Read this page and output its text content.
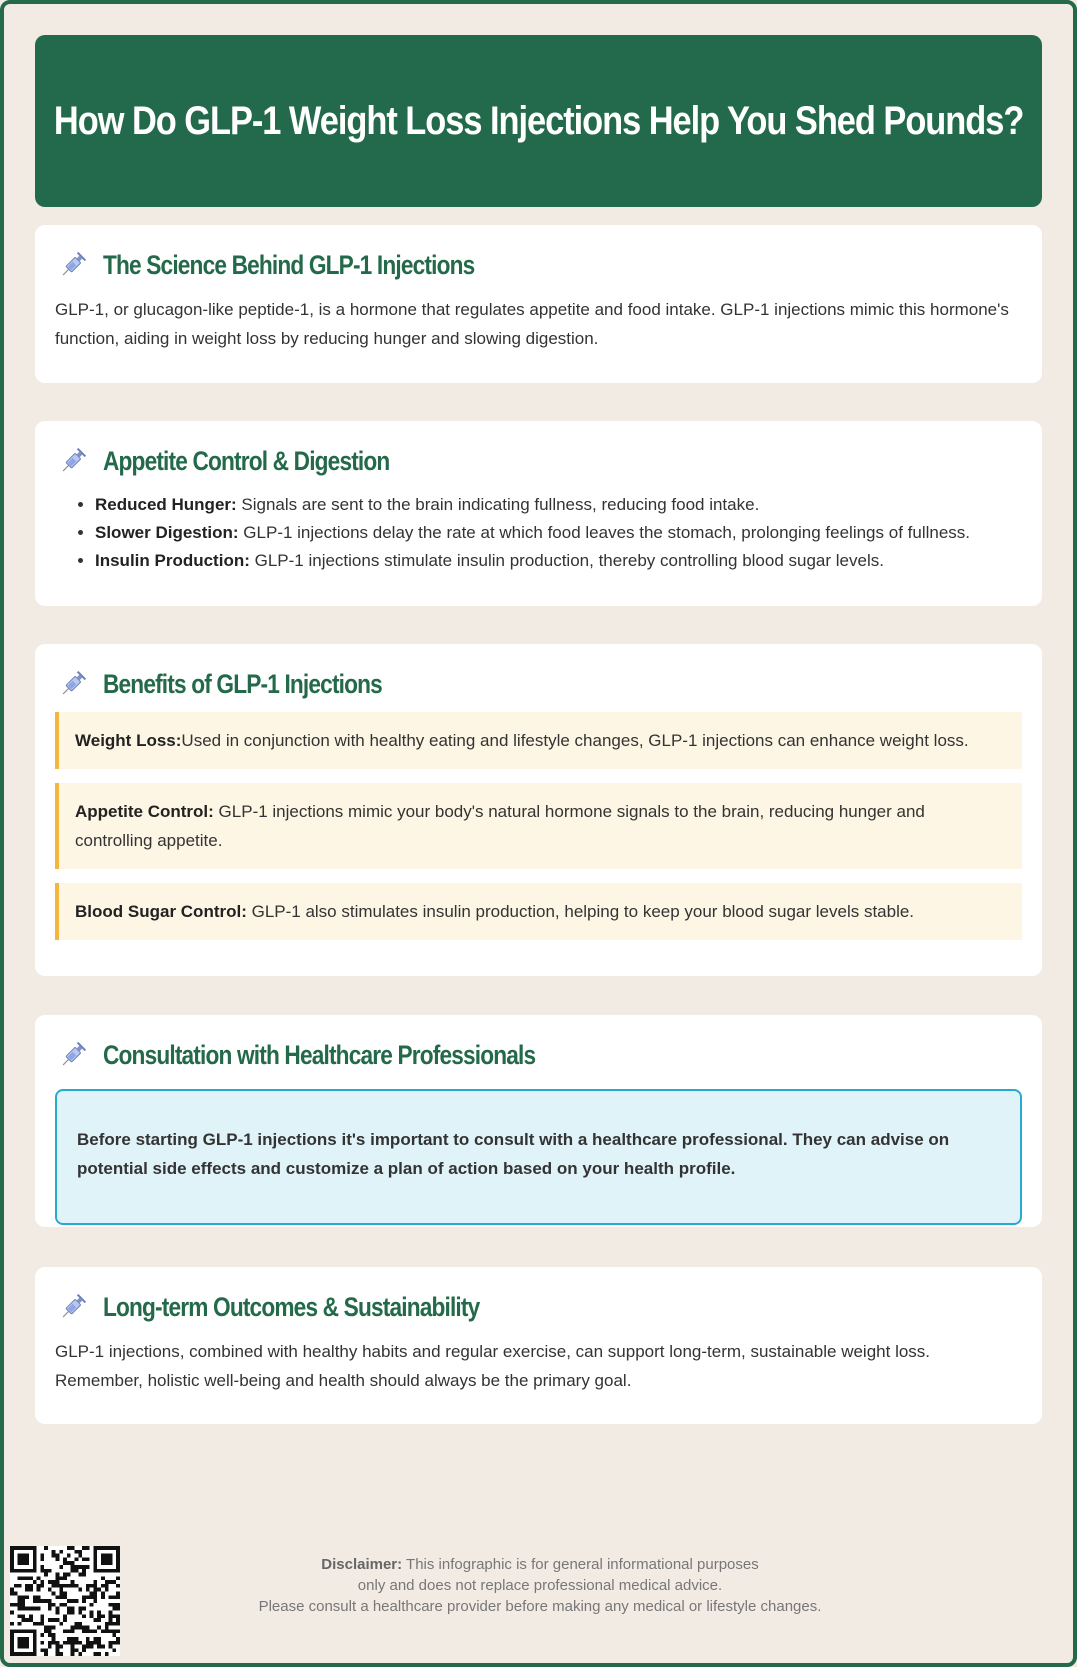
How Do GLP-1 Weight Loss Injections Help You Shed Pounds?
The Science Behind GLP-1 Injections

GLP-1, or glucagon-like peptide-1, is a hormone that regulates appetite and food intake. GLP-1 injections mimic this hormone's function, aiding in weight loss by reducing hunger and slowing digestion.

Appetite Control & Digestion
• Reduced Hunger: Signals are sent to the brain indicating fullness, reducing food intake.
• Slower Digestion: GLP-1 injections delay the rate at which food leaves the stomach, prolonging feelings of fullness.
• Insulin Production: GLP-1 injections stimulate insulin production, thereby controlling blood sugar levels.
Benefits of GLP-1 Injections
Weight Loss:Used in conjunction with healthy eating and lifestyle changes, GLP-1 injections can enhance weight loss.
Appetite Control: GLP-1 injections mimic your body's natural hormone signals to the brain, reducing hunger and controlling appetite.
Blood Sugar Control: GLP-1 also stimulates insulin production, helping to keep your blood sugar levels stable.
Consultation with Healthcare Professionals
Before starting GLP-1 injections it's important to consult with a healthcare professional. They can advise on potential side effects and customize a plan of action based on your health profile.
Long-term Outcomes & Sustainability

GLP-1 injections, combined with healthy habits and regular exercise, can support long-term, sustainable weight loss. Remember, holistic well-being and health should always be the primary goal.

Disclaimer: This infographic is for general informational purposes
only and does not replace professional medical advice.
Please consult a healthcare provider before making any medical or lifestyle changes.
